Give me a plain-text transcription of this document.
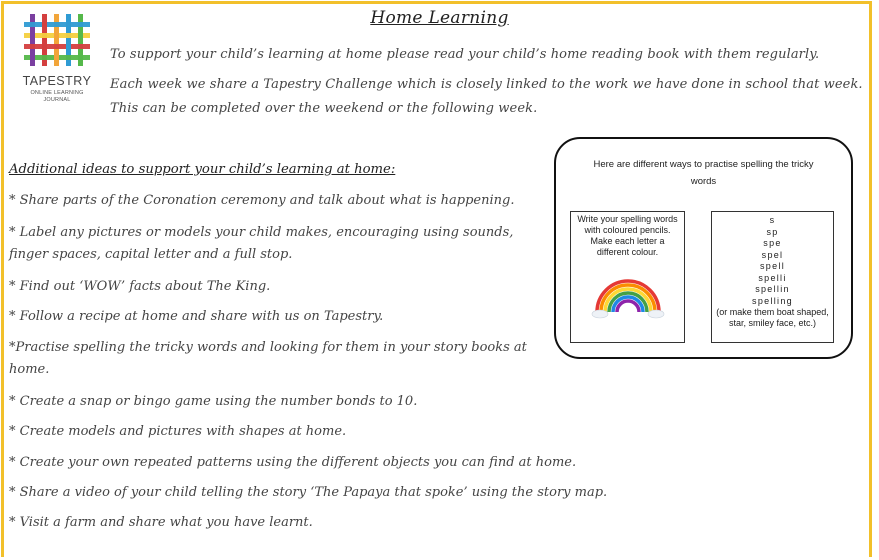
TAPESTRY
ONLINE LEARNING
JOURNAL
Home Learning
To support your child’s learning at home please read your child’s home reading book with them regularly.
Each week we share a Tapestry Challenge which is closely linked to the work we have done in school that week.
This can be completed over the weekend or the following week.
Additional ideas to support your child’s learning at home:
* Share parts of the Coronation ceremony and talk about what is happening.
* Label any pictures or models your child makes, encouraging using sounds,
finger spaces, capital letter and a full stop.
* Find out ‘WOW’ facts about The King.
* Follow a recipe at home and share with us on Tapestry.
*Practise spelling the tricky words and looking for them in your story books at
home.
* Create a snap or bingo game using the number bonds to 10.
* Create models and pictures with shapes at home.
* Create your own repeated patterns using the different objects you can find at home.
* Share a video of your child telling the story ‘The Papaya that spoke’ using the story map.
* Visit a farm and share what you have learnt.
Here are different ways to practise spelling the tricky
words
Write your spelling words
with coloured pencils.
Make each letter a
different colour.
s
sp
spe
spel
spell
spelli
spellin
spelling
(or make them boat shaped,
star, smiley face, etc.)
